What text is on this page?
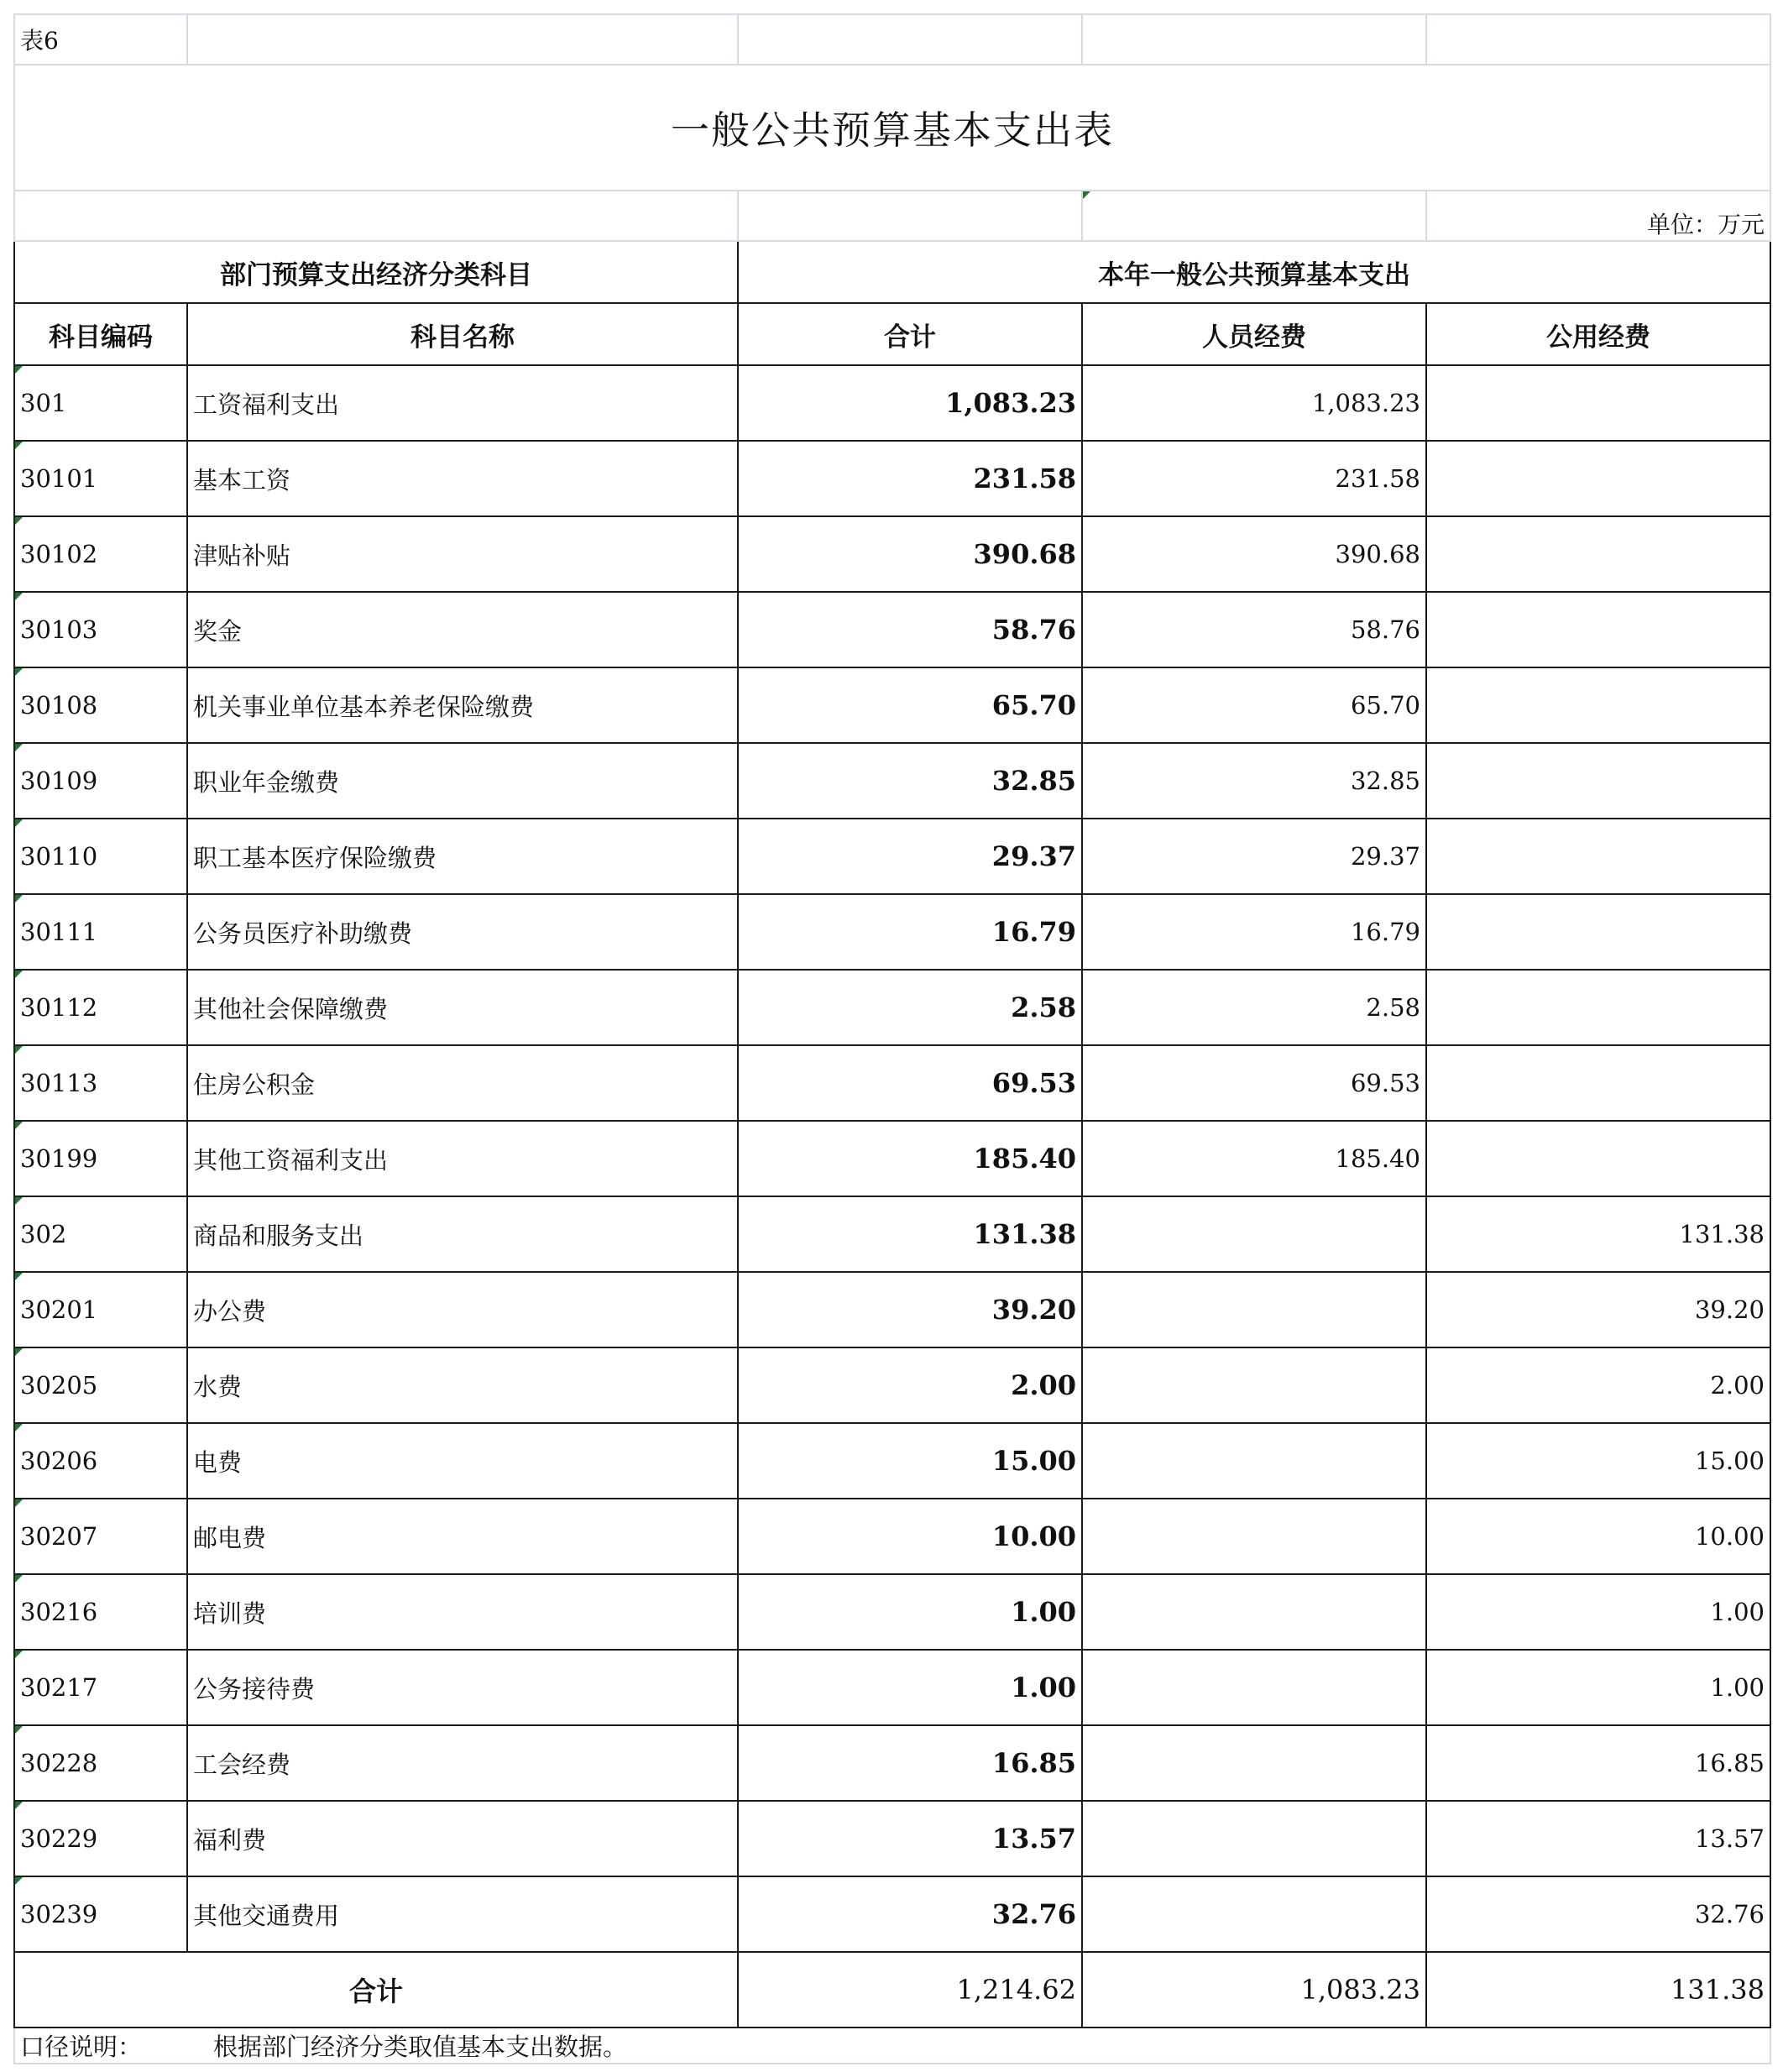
表6				
一般公共预算基本支出表				
				单位：万元
部门预算支出经济分类科目		本年一般公共预算基本支出		
科目编码	科目名称	合计	人员经费	公用经费
301	工资福利支出	1,083.23	1,083.23	
30101	基本工资	231.58	231.58	
30102	津贴补贴	390.68	390.68	
30103	奖金	58.76	58.76	
30108	机关事业单位基本养老保险缴费	65.70	65.70	
30109	职业年金缴费	32.85	32.85	
30110	职工基本医疗保险缴费	29.37	29.37	
30111	公务员医疗补助缴费	16.79	16.79	
30112	其他社会保障缴费	2.58	2.58	
30113	住房公积金	69.53	69.53	
30199	其他工资福利支出	185.40	185.40	
302	商品和服务支出	131.38		131.38
30201	办公费	39.20		39.20
30205	水费	2.00		2.00
30206	电费	15.00		15.00
30207	邮电费	10.00		10.00
30216	培训费	1.00		1.00
30217	公务接待费	1.00		1.00
30228	工会经费	16.85		16.85
30229	福利费	13.57		13.57
30239	其他交通费用	32.76		32.76
合计		1,214.62	1,083.23	131.38
口径说明： 根据部门经济分类取值基本支出数据。				
